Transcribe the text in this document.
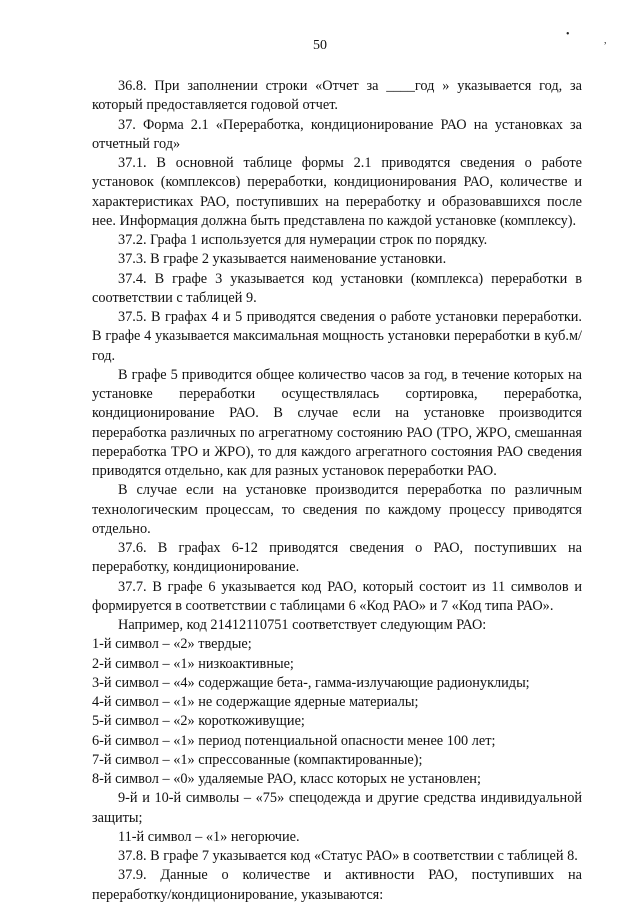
50
•
,

36.8. При заполнении строки «Отчет за ____год » указывается год, за который предоставляется годовой отчет.

37. Форма 2.1 «Переработка, кондиционирование РАО на установках за отчетный год»

37.1. В основной таблице формы 2.1 приводятся сведения о работе установок (комплексов) переработки, кондиционирования РАО, количестве и характеристиках РАО, поступивших на переработку и образовавшихся после нее. Информация должна быть представлена по каждой установке (комплексу).

37.2. Графа 1 используется для нумерации строк по порядку.

37.3. В графе 2 указывается наименование установки.

37.4. В графе 3 указывается код установки (комплекса) переработки в соответствии с таблицей 9.

37.5. В графах 4 и 5 приводятся сведения о работе установки переработки. В графе 4 указывается максимальная мощность установки переработки в куб.м/год.

В графе 5 приводится общее количество часов за год, в течение которых на установке переработки осуществлялась сортировка, переработка, кондиционирование РАО. В случае если на установке производится переработка различных по агрегатному состоянию РАО (ТРО, ЖРО, смешанная переработка ТРО и ЖРО), то для каждого агрегатного состояния РАО сведения приводятся отдельно, как для разных установок переработки РАО.

В случае если на установке производится переработка по различным технологическим процессам, то сведения по каждому процессу приводятся отдельно.

37.6. В графах 6-12 приводятся сведения о РАО, поступивших на переработку, кондиционирование.

37.7. В графе 6 указывается код РАО, который состоит из 11 символов и формируется в соответствии с таблицами 6 «Код РАО» и 7 «Код типа РАО».

Например, код 21412110751 соответствует следующим РАО:

1-й символ – «2» твердые;

2-й символ – «1» низкоактивные;

3-й символ – «4» содержащие бета-, гамма-излучающие радионуклиды;

4-й символ – «1» не содержащие ядерные материалы;

5-й символ – «2» короткоживущие;

6-й символ – «1» период потенциальной опасности менее 100 лет;

7-й символ – «1» спрессованные (компактированные);

8-й символ – «0» удаляемые РАО, класс которых не установлен;

9-й и 10-й символы – «75» спецодежда и другие средства индивидуальной защиты;

11-й символ – «1» негорючие.

37.8. В графе 7 указывается код «Статус РАО» в соответствии с таблицей 8.

37.9. Данные о количестве и активности РАО, поступивших на переработку/кондиционирование, указываются:
